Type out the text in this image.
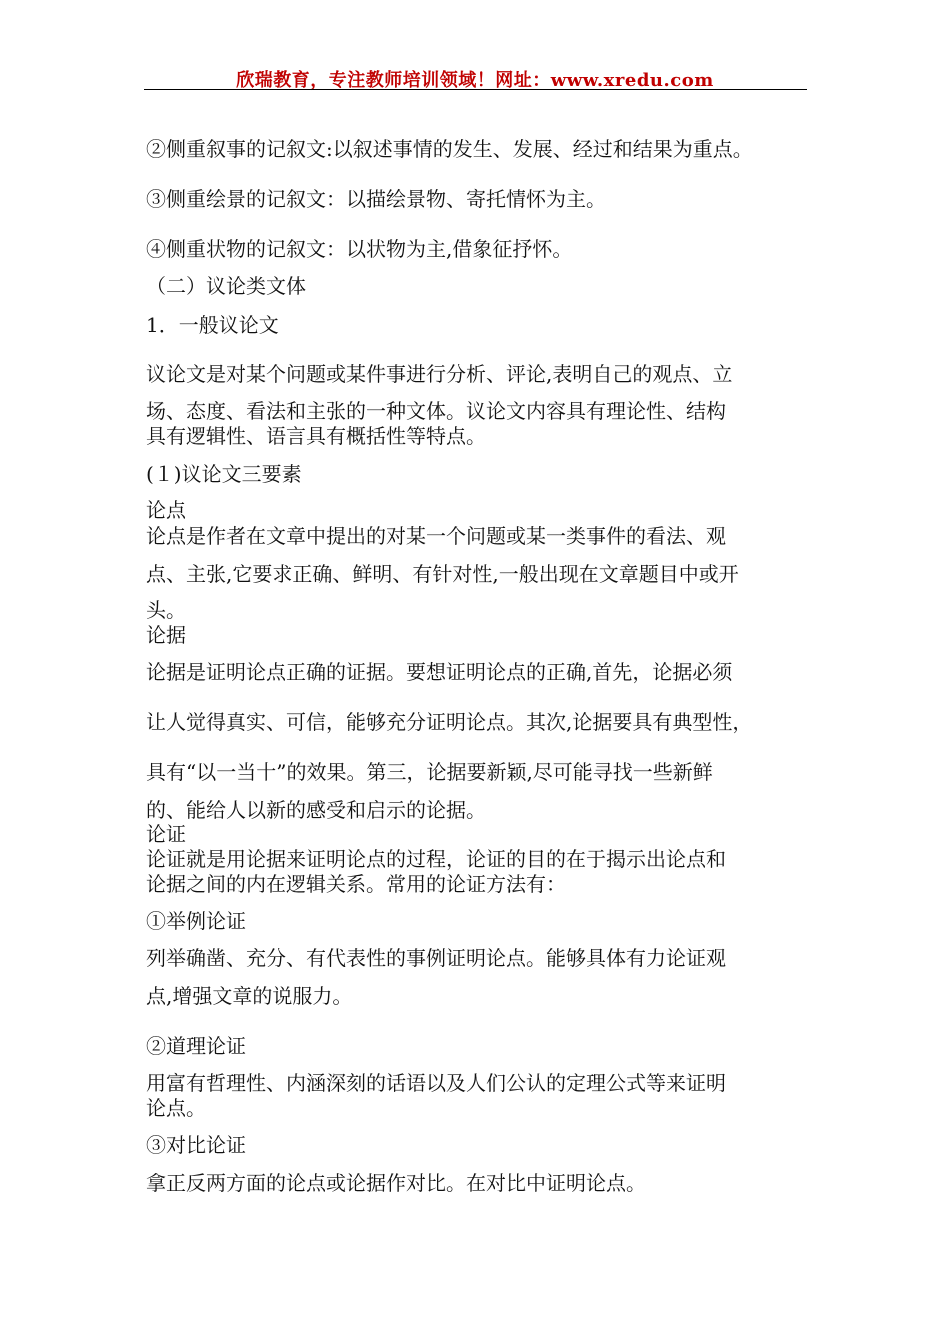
欣瑞教育，专注教师培训领域！网址：www.xredu.com
②侧重叙事的记叙文:以叙述事情的发生、发展、经过和结果为重点。
③侧重绘景的记叙文：以描绘景物、寄托情怀为主。
④侧重状物的记叙文：以状物为主,借象征抒怀。
（二）议论类文体
1．一般议论文
议论文是对某个问题或某件事进行分析、评论,表明自己的观点、立
场、态度、看法和主张的一种文体。议论文内容具有理论性、结构
具有逻辑性、语言具有概括性等特点。
(１)议论文三要素
论点
论点是作者在文章中提出的对某一个问题或某一类事件的看法、观
点、主张,它要求正确、鲜明、有针对性,一般出现在文章题目中或开
头。
论据
论据是证明论点正确的证据。要想证明论点的正确,首先，论据必须
让人觉得真实、可信，能够充分证明论点。其次,论据要具有典型性，
具有“以一当十”的效果。第三，论据要新颖,尽可能寻找一些新鲜
的、能给人以新的感受和启示的论据。
论证
论证就是用论据来证明论点的过程，论证的目的在于揭示出论点和
论据之间的内在逻辑关系。常用的论证方法有：
①举例论证
列举确凿、充分、有代表性的事例证明论点。能够具体有力论证观
点,增强文章的说服力。
②道理论证
用富有哲理性、内涵深刻的话语以及人们公认的定理公式等来证明
论点。
③对比论证
拿正反两方面的论点或论据作对比。在对比中证明论点。
